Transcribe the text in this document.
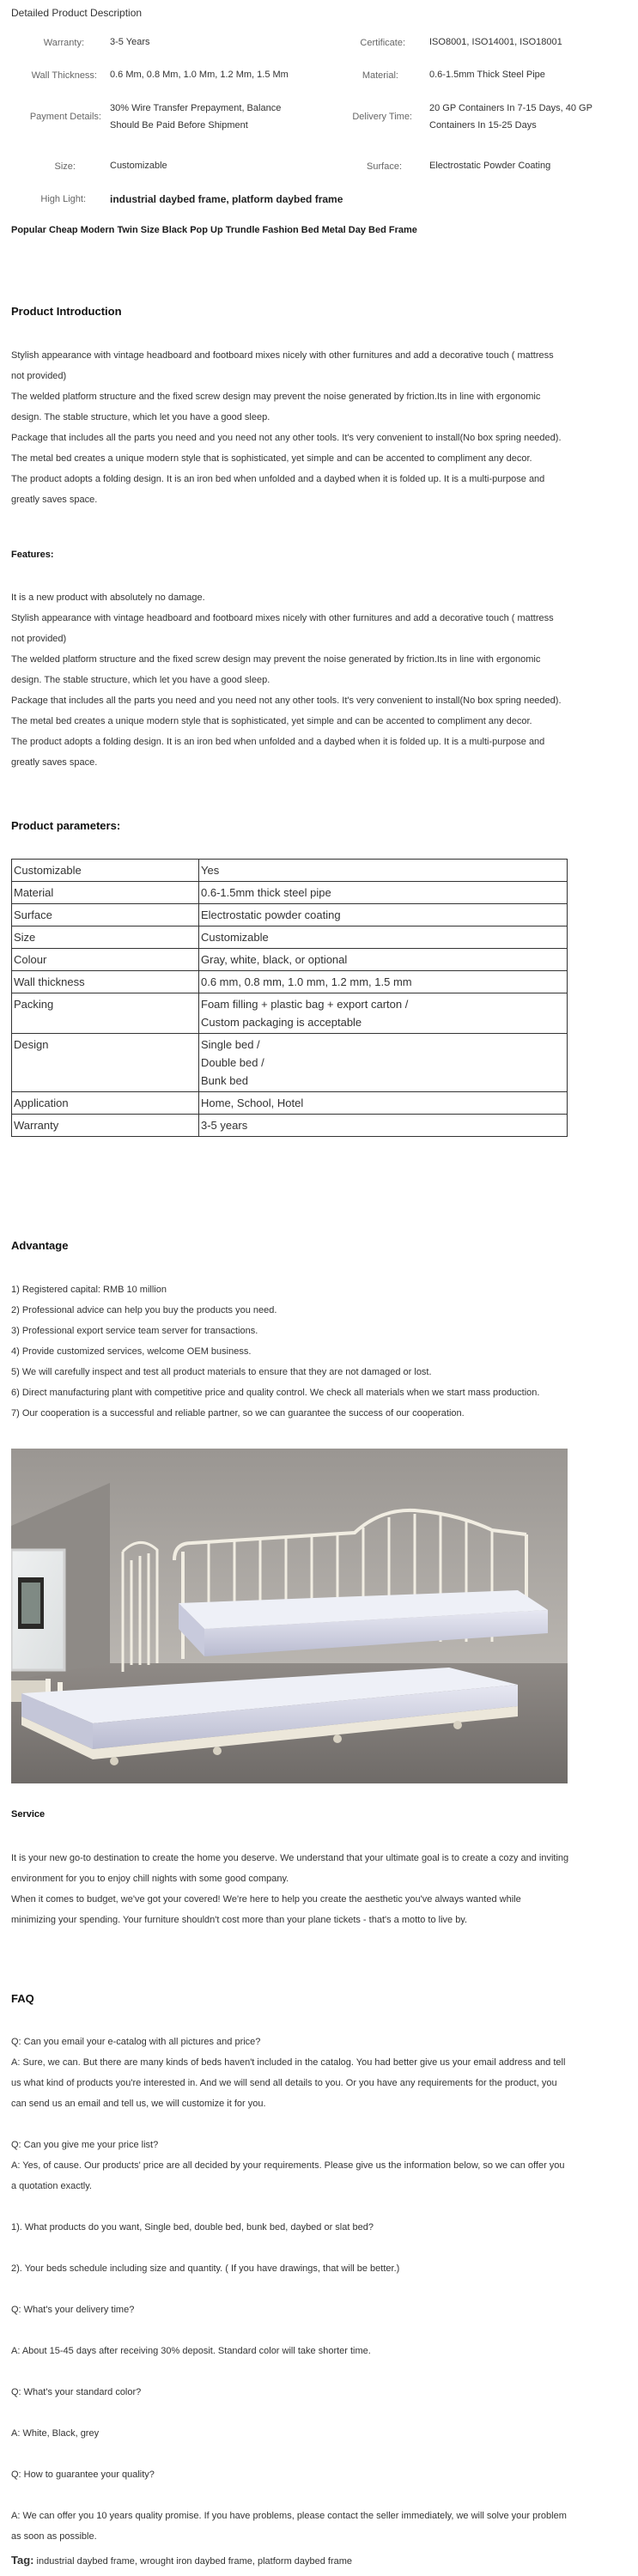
Detailed Product Description
Warranty:	3-5 Years	Certificate:	ISO8001, ISO14001, ISO18001
Wall Thickness: 0.6 Mm, 0.8 Mm, 1.0 Mm, 1.2 Mm, 1.5 Mm	Material:	0.6-1.5mm Thick Steel Pipe
Payment Details:
30% Wire Transfer Prepayment, Balance Should Be Paid Before Shipment
Delivery Time:
20 GP Containers In 7-15 Days, 40 GP Containers In 15-25 Days
Size:	Customizable	Surface:	Electrostatic Powder Coating
High Light: industrial daybed frame, platform daybed frame
Popular Cheap Modern Twin Size Black Pop Up Trundle Fashion Bed Metal Day Bed Frame
Product Introduction
Stylish appearance with vintage headboard and footboard mixes nicely with other furnitures and add a decorative touch ( mattress
not provided)
The welded platform structure and the fixed screw design may prevent the noise generated by friction.Its in line with ergonomic
design. The stable structure, which let you have a good sleep.
Package that includes all the parts you need and you need not any other tools. It's very convenient to install(No box spring needed).
The metal bed creates a unique modern style that is sophisticated, yet simple and can be accented to compliment any decor.
The product adopts a folding design. It is an iron bed when unfolded and a daybed when it is folded up. It is a multi-purpose and
greatly saves space.
Features:
It is a new product with absolutely no damage.
Stylish appearance with vintage headboard and footboard mixes nicely with other furnitures and add a decorative touch ( mattress
not provided)
The welded platform structure and the fixed screw design may prevent the noise generated by friction.Its in line with ergonomic
design. The stable structure, which let you have a good sleep.
Package that includes all the parts you need and you need not any other tools. It's very convenient to install(No box spring needed).
The metal bed creates a unique modern style that is sophisticated, yet simple and can be accented to compliment any decor.
The product adopts a folding design. It is an iron bed when unfolded and a daybed when it is folded up. It is a multi-purpose and
greatly saves space.
Product parameters:
Customizable	Yes

Material	0.6-1.5mm thick steel pipe

Surface	Electrostatic powder coating

Size	Customizable

Colour	Gray, white, black, or optional

Wall thickness	0.6 mm, 0.8 mm, 1.0 mm, 1.2 mm, 1.5 mm

Packing	Foam filling + plastic bag + export carton /
Custom packaging is acceptable

Design	Single bed /
Double bed /
Bunk bed

Application	Home, School, Hotel

Warranty	3-5 years
Advantage
1) Registered capital: RMB 10 million
2) Professional advice can help you buy the products you need.
3) Professional export service team server for transactions.
4) Provide customized services, welcome OEM business.
5) We will carefully inspect and test all product materials to ensure that they are not damaged or lost.
6) Direct manufacturing plant with competitive price and quality control. We check all materials when we start mass production.
7) Our cooperation is a successful and reliable partner, so we can guarantee the success of our cooperation.
Service
It is your new go-to destination to create the home you deserve. We understand that your ultimate goal is to create a cozy and inviting
environment for you to enjoy chill nights with some good company.
When it comes to budget, we've got your covered! We're here to help you create the aesthetic you've always wanted while
minimizing your spending. Your furniture shouldn't cost more than your plane tickets - that's a motto to live by.
FAQ
Q: Can you email your e-catalog with all pictures and price?
A: Sure, we can. But there are many kinds of beds haven't included in the catalog. You had better give us your email address and tell
us what kind of products you're interested in. And we will send all details to you. Or you have any requirements for the product, you
can send us an email and tell us, we will customize it for you.
Q: Can you give me your price list?
A: Yes, of cause. Our products' price are all decided by your requirements. Please give us the information below, so we can offer you
a quotation exactly.
1). What products do you want, Single bed, double bed, bunk bed, daybed or slat bed?
2). Your beds schedule including size and quantity. ( If you have drawings, that will be better.)
Q: What's your delivery time?
A: About 15-45 days after receiving 30% deposit. Standard color will take shorter time.
Q: What's your standard color?
A: White, Black, grey
Q: How to guarantee your quality?
A: We can offer you 10 years quality promise. If you have problems, please contact the seller immediately, we will solve your problem
as soon as possible.
Tag: industrial daybed frame, wrought iron daybed frame, platform daybed frame
